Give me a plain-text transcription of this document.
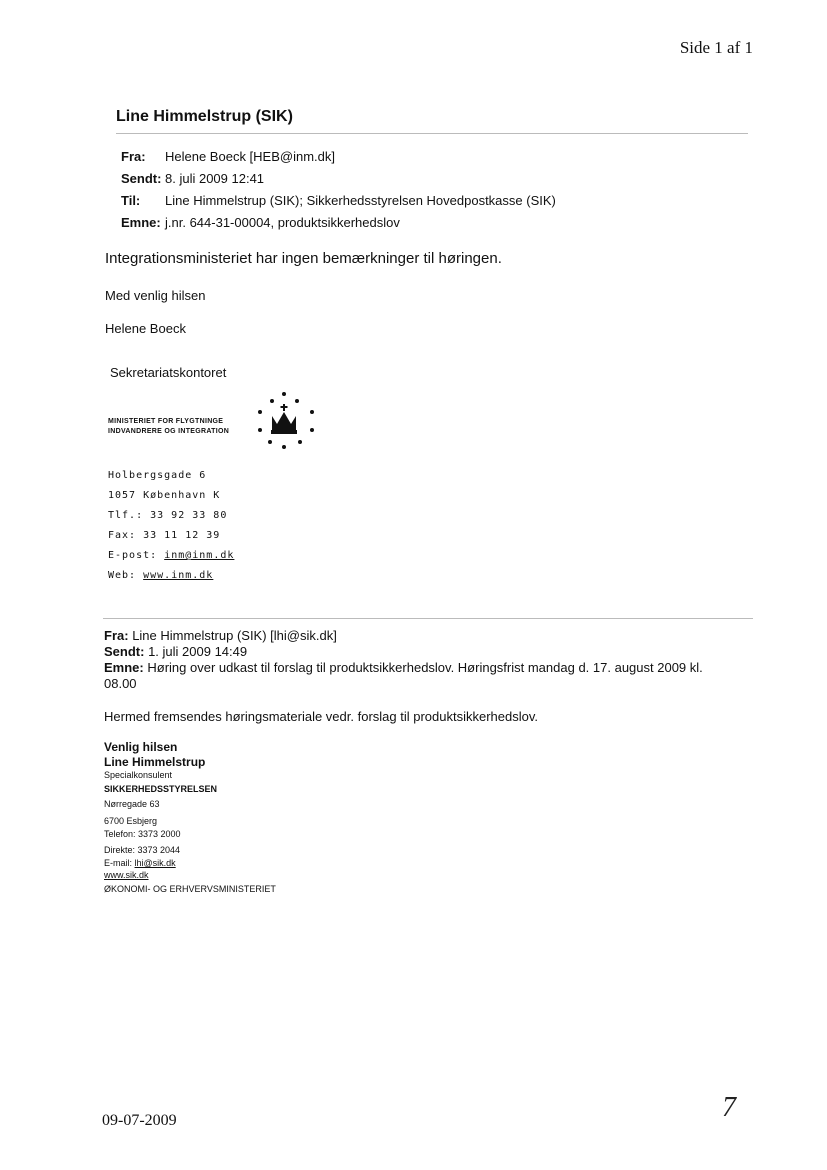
Side 1 af 1
Line Himmelstrup (SIK)
Fra: Helene Boeck [HEB@inm.dk]
Sendt: 8. juli 2009 12:41
Til: Line Himmelstrup (SIK); Sikkerhedsstyrelsen Hovedpostkasse (SIK)
Emne: j.nr. 644-31-00004, produktsikkerhedslov
Integrationsministeriet har ingen bemærkninger til høringen.
Med venlig hilsen
Helene Boeck
Sekretariatskontoret
MINISTERIET FOR FLYGTNINGE
INDVANDRERE OG INTEGRATION
Holbergsgade 6
1057 København K
Tlf.: 33 92 33 80
Fax: 33 11 12 39
E-post: inm@inm.dk
Web: www.inm.dk
Fra: Line Himmelstrup (SIK) [lhi@sik.dk]
Sendt: 1. juli 2009 14:49
Emne: Høring over udkast til forslag til produktsikkerhedslov. Høringsfrist mandag d. 17. august 2009 kl.
08.00
Hermed fremsendes høringsmateriale vedr. forslag til produktsikkerhedslov.
Venlig hilsen
Line Himmelstrup
Specialkonsulent
SIKKERHEDSSTYRELSEN
Nørregade 63
6700 Esbjerg
Telefon: 3373 2000
Direkte: 3373 2044
E-mail: lhi@sik.dk
www.sik.dk
ØKONOMI- OG ERHVERVSMINISTERIET
09-07-2009	7
